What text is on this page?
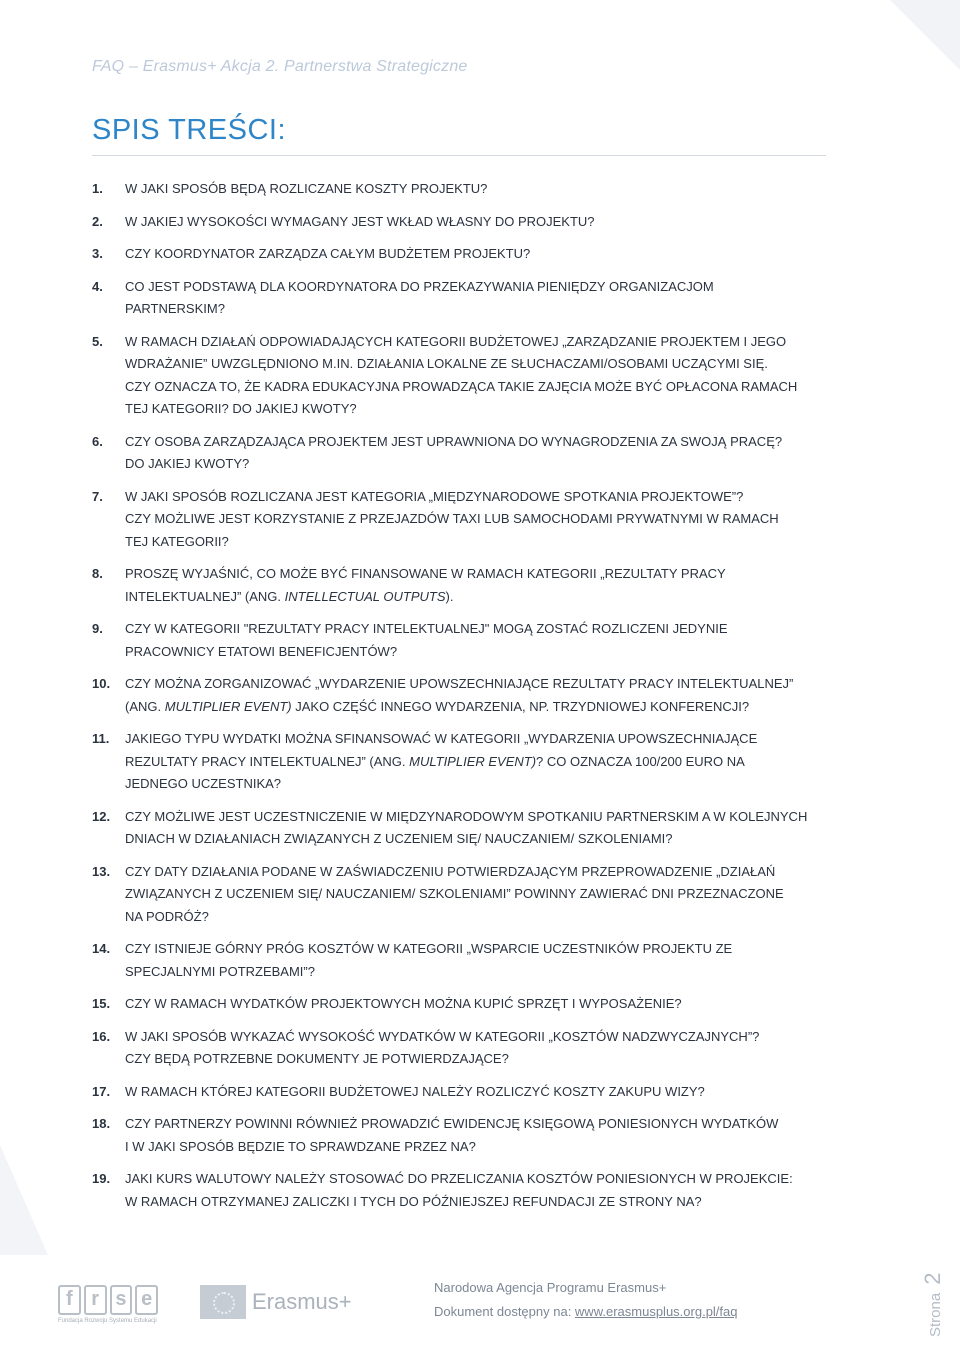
FAQ – Erasmus+ Akcja 2. Partnerstwa Strategiczne
SPIS TREŚCI:
1.	W JAKI SPOSÓB BĘDĄ ROZLICZANE KOSZTY PROJEKTU?
2.	W JAKIEJ WYSOKOŚCI WYMAGANY JEST WKŁAD WŁASNY DO PROJEKTU?
3.	CZY KOORDYNATOR ZARZĄDZA CAŁYM BUDŻETEM PROJEKTU?
4.	CO JEST PODSTAWĄ DLA KOORDYNATORA DO PRZEKAZYWANIA PIENIĘDZY ORGANIZACJOM
PARTNERSKIM?
5.	W RAMACH DZIAŁAŃ ODPOWIADAJĄCYCH KATEGORII BUDŻETOWEJ „ZARZĄDZANIE PROJEKTEM I JEGO
WDRAŻANIE” UWZGLĘDNIONO M.IN. DZIAŁANIA LOKALNE ZE SŁUCHACZAMI/OSOBAMI UCZĄCYMI SIĘ.
CZY OZNACZA TO, ŻE KADRA EDUKACYJNA PROWADZĄCA TAKIE ZAJĘCIA MOŻE BYĆ OPŁACONA RAMACH
TEJ KATEGORII? DO JAKIEJ KWOTY?
6.	CZY OSOBA ZARZĄDZAJĄCA PROJEKTEM JEST UPRAWNIONA DO WYNAGRODZENIA ZA SWOJĄ PRACĘ?
DO JAKIEJ KWOTY?
7.	W JAKI SPOSÓB ROZLICZANA JEST KATEGORIA „MIĘDZYNARODOWE SPOTKANIA PROJEKTOWE”?
CZY MOŻLIWE JEST KORZYSTANIE Z PRZEJAZDÓW TAXI LUB SAMOCHODAMI PRYWATNYMI W RAMACH
TEJ KATEGORII?
8.	PROSZĘ WYJAŚNIĆ, CO MOŻE BYĆ FINANSOWANE W RAMACH KATEGORII „REZULTATY PRACY
INTELEKTUALNEJ” (ANG. INTELLECTUAL OUTPUTS).
9.	CZY W KATEGORII "REZULTATY PRACY INTELEKTUALNEJ" MOGĄ ZOSTAĆ ROZLICZENI JEDYNIE
PRACOWNICY ETATOWI BENEFICJENTÓW?
10.	CZY MOŻNA ZORGANIZOWAĆ „WYDARZENIE UPOWSZECHNIAJĄCE REZULTATY PRACY INTELEKTUALNEJ”
(ANG. MULTIPLIER EVENT) JAKO CZĘŚĆ INNEGO WYDARZENIA, NP. TRZYDNIOWEJ KONFERENCJI?
11.	JAKIEGO TYPU WYDATKI MOŻNA SFINANSOWAĆ W KATEGORII „WYDARZENIA UPOWSZECHNIAJĄCE
REZULTATY PRACY INTELEKTUALNEJ” (ANG. MULTIPLIER EVENT)? CO OZNACZA 100/200 EURO NA
JEDNEGO UCZESTNIKA?
12.	CZY MOŻLIWE JEST UCZESTNICZENIE W MIĘDZYNARODOWYM SPOTKANIU PARTNERSKIM A W KOLEJNYCH
DNIACH W DZIAŁANIACH ZWIĄZANYCH Z UCZENIEM SIĘ/ NAUCZANIEM/ SZKOLENIAMI?
13.	CZY DATY DZIAŁANIA PODANE W ZAŚWIADCZENIU POTWIERDZAJĄCYM PRZEPROWADZENIE „DZIAŁAŃ
ZWIĄZANYCH Z UCZENIEM SIĘ/ NAUCZANIEM/ SZKOLENIAMI” POWINNY ZAWIERAĆ DNI PRZEZNACZONE
NA PODRÓŻ?
14.	CZY ISTNIEJE GÓRNY PRÓG KOSZTÓW W KATEGORII „WSPARCIE UCZESTNIKÓW PROJEKTU ZE
SPECJALNYMI POTRZEBAMI”?
15.	CZY W RAMACH WYDATKÓW PROJEKTOWYCH MOŻNA KUPIĆ SPRZĘT I WYPOSAŻENIE?
16.	W JAKI SPOSÓB WYKAZAĆ WYSOKOŚĆ WYDATKÓW W KATEGORII „KOSZTÓW NADZWYCZAJNYCH”?
CZY BĘDĄ POTRZEBNE DOKUMENTY JE POTWIERDZAJĄCE?
17.	W RAMACH KTÓREJ KATEGORII BUDŻETOWEJ NALEŻY ROZLICZYĆ KOSZTY ZAKUPU WIZY?
18.	CZY PARTNERZY POWINNI RÓWNIEŻ PROWADZIĆ EWIDENCJĘ KSIĘGOWĄ PONIESIONYCH WYDATKÓW
I W JAKI SPOSÓB BĘDZIE TO SPRAWDZANE PRZEZ NA?
19.	JAKI KURS WALUTOWY NALEŻY STOSOWAĆ DO PRZELICZANIA KOSZTÓW PONIESIONYCH W PROJEKCIE:
W RAMACH OTRZYMANEJ ZALICZKI I TYCH DO PÓŹNIEJSZEJ REFUNDACJI ZE STRONY NA?
f r s e
Fundacja Rozwoju Systemu Edukacji
Erasmus+
Narodowa Agencja Programu Erasmus+
Dokument dostępny na: www.erasmusplus.org.pl/faq	Strona2
